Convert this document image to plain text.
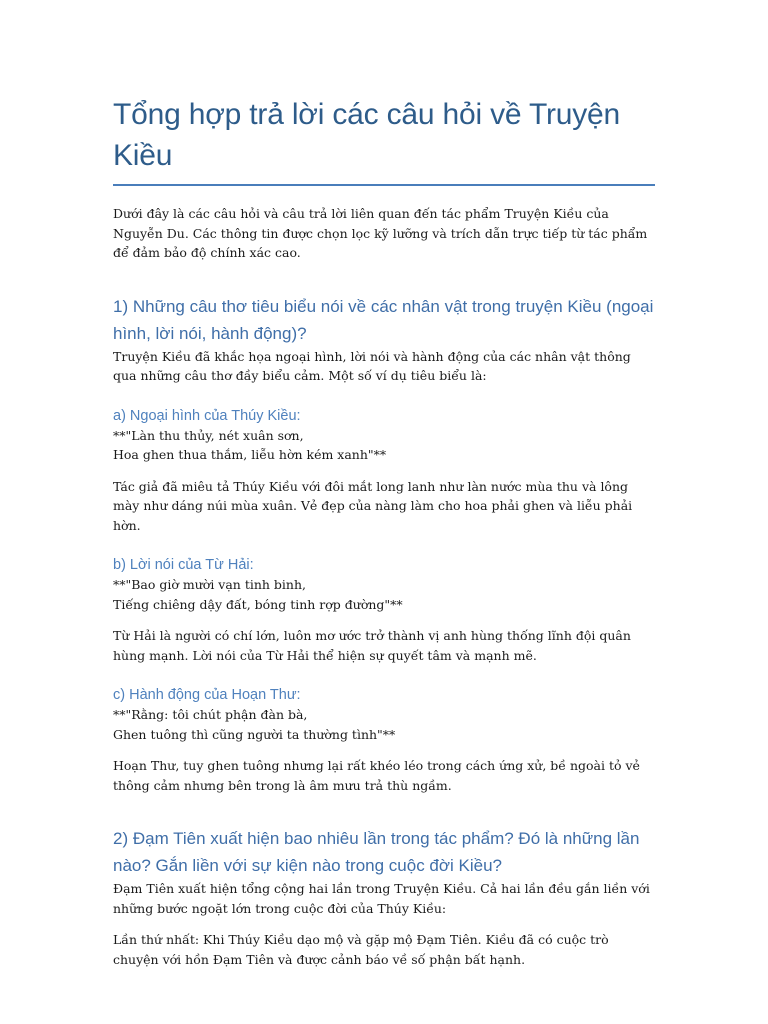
Tổng hợp trả lời các câu hỏi về Truyện Kiều

Dưới đây là các câu hỏi và câu trả lời liên quan đến tác phẩm Truyện Kiều của Nguyễn Du. Các thông tin được chọn lọc kỹ lưỡng và trích dẫn trực tiếp từ tác phẩm để đảm bảo độ chính xác cao.

1) Những câu thơ tiêu biểu nói về các nhân vật trong truyện Kiều (ngoại hình, lời nói, hành động)?

Truyện Kiều đã khắc họa ngoại hình, lời nói và hành động của các nhân vật thông qua những câu thơ đầy biểu cảm. Một số ví dụ tiêu biểu là:

a) Ngoại hình của Thúy Kiều:

**"Làn thu thủy, nét xuân sơn,
Hoa ghen thua thắm, liễu hờn kém xanh"**

Tác giả đã miêu tả Thúy Kiều với đôi mắt long lanh như làn nước mùa thu và lông mày như dáng núi mùa xuân. Vẻ đẹp của nàng làm cho hoa phải ghen và liễu phải hờn.

b) Lời nói của Từ Hải:

**"Bao giờ mười vạn tinh binh,
Tiếng chiêng dậy đất, bóng tinh rợp đường"**

Từ Hải là người có chí lớn, luôn mơ ước trở thành vị anh hùng thống lĩnh đội quân hùng mạnh. Lời nói của Từ Hải thể hiện sự quyết tâm và mạnh mẽ.

c) Hành động của Hoạn Thư:

**"Rằng: tôi chút phận đàn bà,
Ghen tuông thì cũng người ta thường tình"**

Hoạn Thư, tuy ghen tuông nhưng lại rất khéo léo trong cách ứng xử, bề ngoài tỏ vẻ thông cảm nhưng bên trong là âm mưu trả thù ngầm.

2) Đạm Tiên xuất hiện bao nhiêu lần trong tác phẩm? Đó là những lần nào? Gắn liền với sự kiện nào trong cuộc đời Kiều?

Đạm Tiên xuất hiện tổng cộng hai lần trong Truyện Kiều. Cả hai lần đều gắn liền với những bước ngoặt lớn trong cuộc đời của Thúy Kiều:

Lần thứ nhất: Khi Thúy Kiều dạo mộ và gặp mộ Đạm Tiên. Kiều đã có cuộc trò chuyện với hồn Đạm Tiên và được cảnh báo về số phận bất hạnh.
